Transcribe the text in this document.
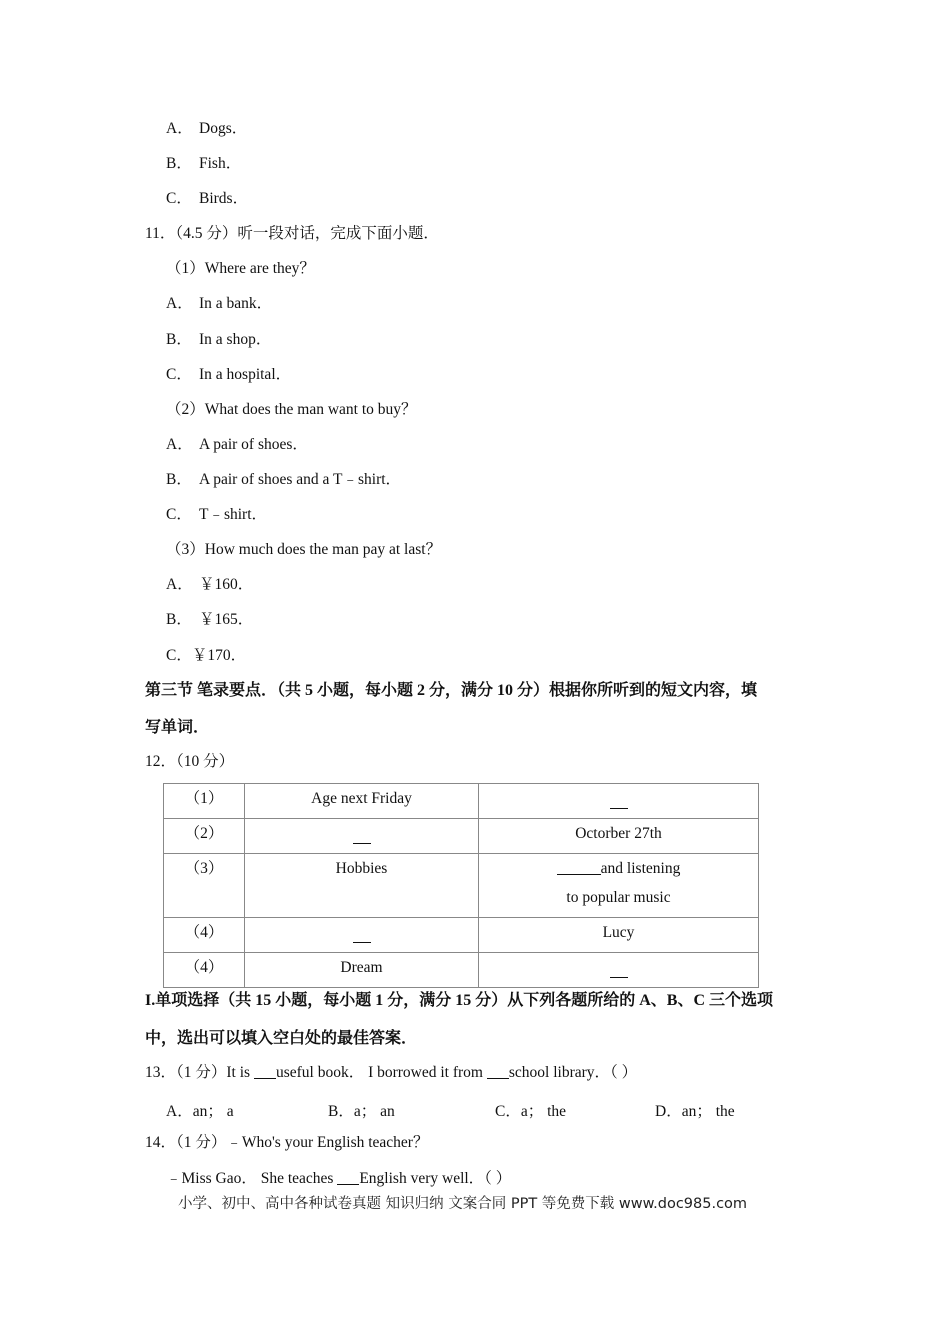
A． Dogs．
B． Fish．
C． Birds．
11．（4.5 分）听一段对话，完成下面小题．
（1）Where are they？
A． In a bank．
B． In a shop．
C． In a hospital．
（2）What does the man want to buy？
A． A pair of shoes．
B． A pair of shoes and a T﹣shirt．
C． T﹣shirt．
（3）How much does the man pay at last？
A． ￥160．
B． ￥165．
C．￥170．
第三节 笔录要点．（共 5 小题，每小题 2 分，满分 10 分）根据你所听到的短文内容，填
写单词．
12．（10 分）
（1）	Age next Friday	
（2）		Octorber 27th
（3）	Hobbies	and listening
to popular music

（4）		Lucy
（4）	Dream	
I.单项选择（共 15 小题，每小题 1 分，满分 15 分）从下列各题所给的 A、B、C 三个选项
中，选出可以填入空白处的最佳答案．
13．（1 分）It is useful book． I borrowed it from school library．（ ）
A．an； a	B．a； an	C．a； the	D．an； the
14．（1 分）﹣Who's your English teacher？
﹣Miss Gao． She teaches English very well．（ ）
小学、初中、高中各种试卷真题 知识归纳 文案合同 PPT 等免费下载 www.doc985.com
